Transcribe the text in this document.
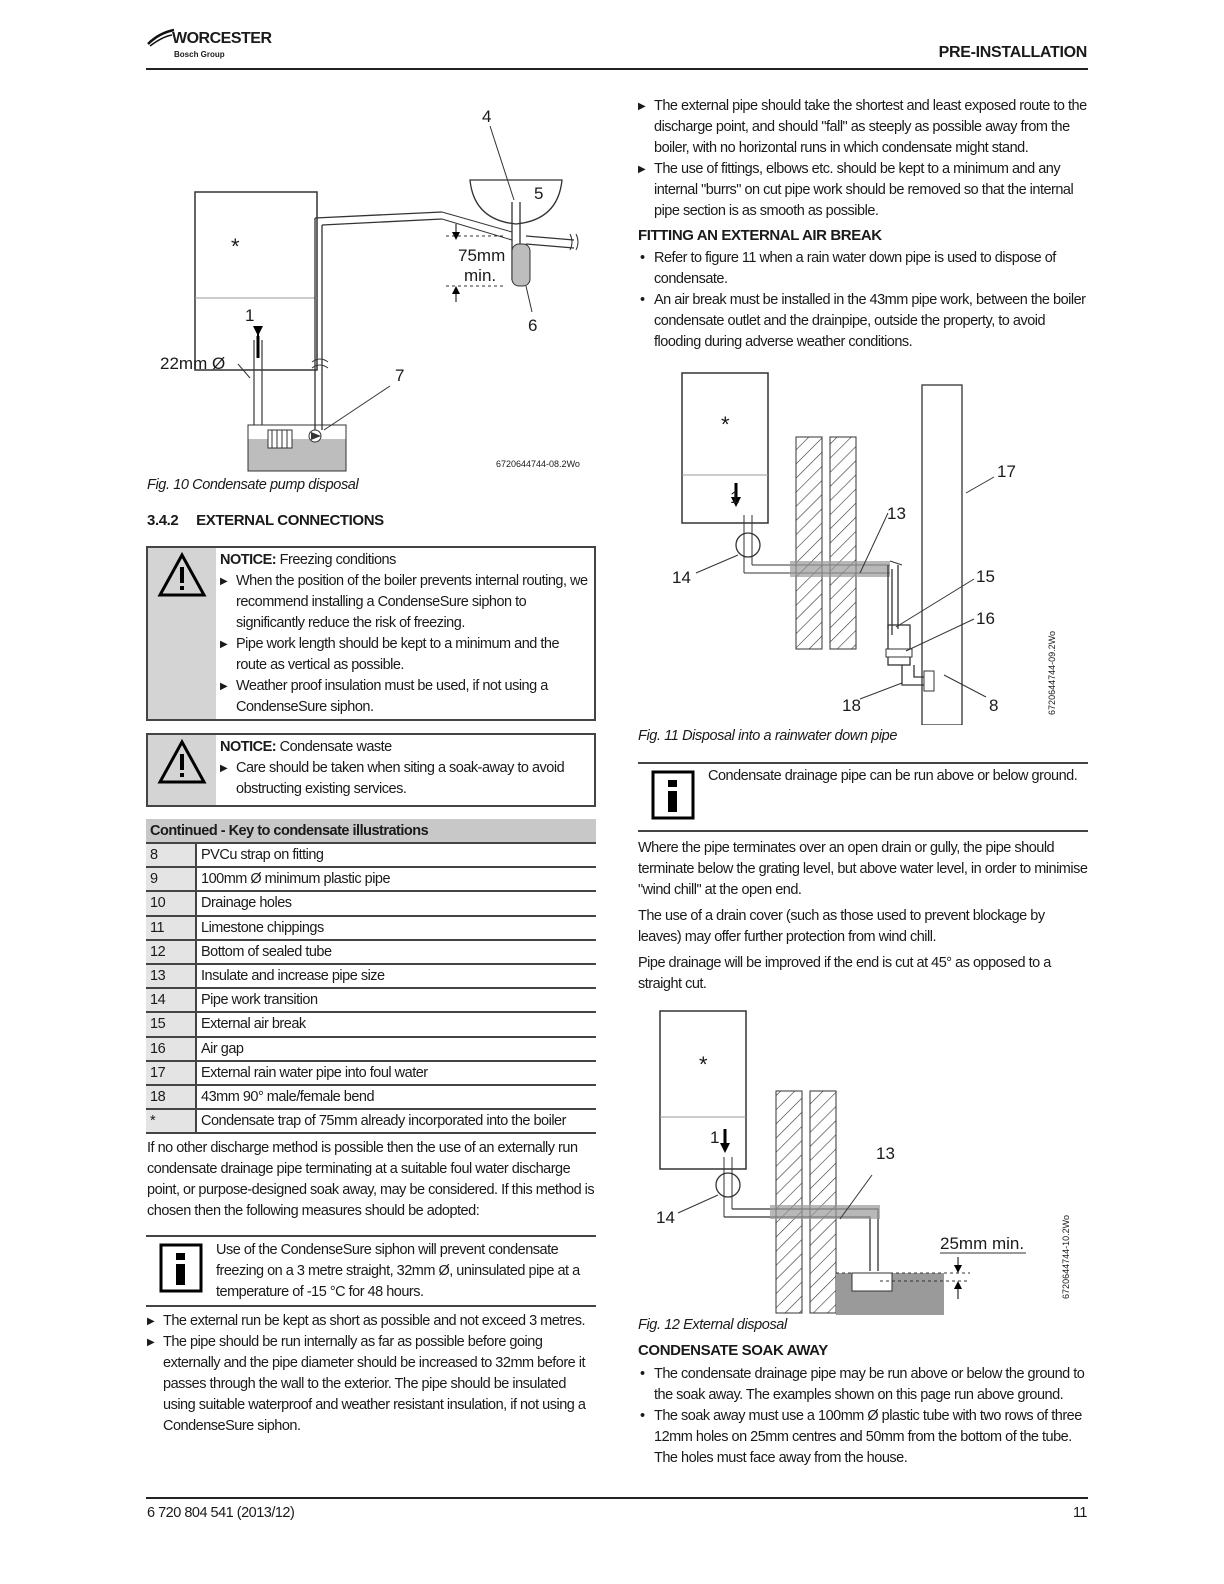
WORCESTER
Bosch Group	PRE-INSTALLATION
4
5
*	75mm
min.
1
6
22mm Ø
7
6720644744-08.2Wo
Fig. 10 Condensate pump disposal
3.4.2 EXTERNAL CONNECTIONS
NOTICE: Freezing conditions
▶ When the position of the boiler prevents internal routing, we recommend installing a CondenseSure siphon to significantly reduce the risk of freezing.
▶ Pipe work length should be kept to a minimum and the route as vertical as possible.
▶ Weather proof insulation must be used, if not using a CondenseSure siphon.
NOTICE: Condensate waste
▶ Care should be taken when siting a soak-away to avoid obstructing existing services.
Continued - Key to condensate illustrations	
8	PVCu strap on fitting
9	100mm Ø minimum plastic pipe
10	Drainage holes
11	Limestone chippings
12	Bottom of sealed tube
13	Insulate and increase pipe size
14	Pipe work transition
15	External air break
16	Air gap
17	External rain water pipe into foul water
18	43mm 90° male/female bend
*	Condensate trap of 75mm already incorporated into the boiler
If no other discharge method is possible then the use of an externally run condensate drainage pipe terminating at a suitable foul water discharge point, or purpose-designed soak away, may be considered. If this method is chosen then the following measures should be adopted:
Use of the CondenseSure siphon will prevent condensate freezing on a 3 metre straight, 32mm Ø, uninsulated pipe at a temperature of -15 °C for 48 hours.
▶ The external run be kept as short as possible and not exceed 3 metres.
▶ The pipe should be run internally as far as possible before going externally and the pipe diameter should be increased to 32mm before it passes through the wall to the exterior. The pipe should be insulated using suitable waterproof and weather resistant insulation, if not using a CondenseSure siphon.
▶ The external pipe should take the shortest and least exposed route to the discharge point, and should "fall" as steeply as possible away from the boiler, with no horizontal runs in which condensate might stand.
▶ The use of fittings, elbows etc. should be kept to a minimum and any internal "burrs" on cut pipe work should be removed so that the internal pipe section is as smooth as possible.
FITTING AN EXTERNAL AIR BREAK
• Refer to figure 11 when a rain water down pipe is used to dispose of condensate.
• An air break must be installed in the 43mm pipe work, between the boiler condensate outlet and the drainpipe, outside the property, to avoid flooding during adverse weather conditions.
*
17
1
13
14	15
16
18	8	6720644744-09.2Wo
Fig. 11 Disposal into a rainwater down pipe
Condensate drainage pipe can be run above or below ground.

Where the pipe terminates over an open drain or gully, the pipe should terminate below the grating level, but above water level, in order to minimise "wind chill" at the open end.

The use of a drain cover (such as those used to prevent blockage by leaves) may offer further protection from wind chill.

Pipe drainage will be improved if the end is cut at 45° as opposed to a straight cut.

*
1
13
14
25mm min.	6720644744-10.2Wo
Fig. 12 External disposal
CONDENSATE SOAK AWAY
• The condensate drainage pipe may be run above or below the ground to the soak away. The examples shown on this page run above ground.
• The soak away must use a 100mm Ø plastic tube with two rows of three 12mm holes on 25mm centres and 50mm from the bottom of the tube. The holes must face away from the house.
6 720 804 541 (2013/12)	11
